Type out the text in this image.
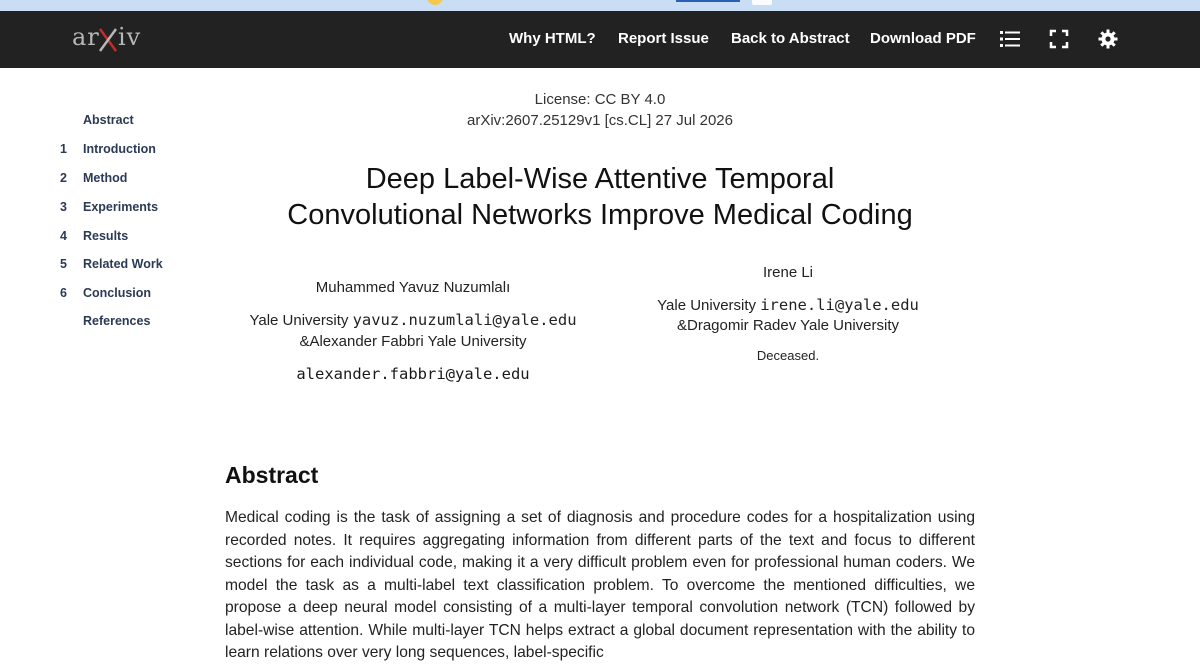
ar iv	Why HTML? Report Issue Back to Abstract Download PDF
Abstract
1 Introduction
2 Method
3 Experiments
4 Results
5 Related Work
6 Conclusion
References
License: CC BY 4.0
arXiv:2607.25129v1 [cs.CL] 27 Jul 2026
Deep Label-Wise Attentive Temporal
Convolutional Networks Improve Medical Coding
Muhammed Yavuz Nuzumlalı
Yale University yavuz.nuzumlali@yale.edu
&Alexander Fabbri Yale University
alexander.fabbri@yale.edu
Irene Li
Yale University irene.li@yale.edu
&Dragomir Radev Yale University
Deceased.
Abstract
Medical coding is the task of assigning a set of diagnosis and procedure codes for a hospitalization using recorded notes. It requires aggregating information from different parts of the text and focus to different sections for each individual code, making it a very difficult problem even for professional human coders. We model the task as a multi-label text classification problem. To overcome the mentioned difficulties, we propose a deep neural model consisting of a multi-layer temporal convolution network (TCN) followed by label-wise attention. While multi-layer TCN helps extract a global document representation with the ability to learn relations over very long sequences, label-specific
